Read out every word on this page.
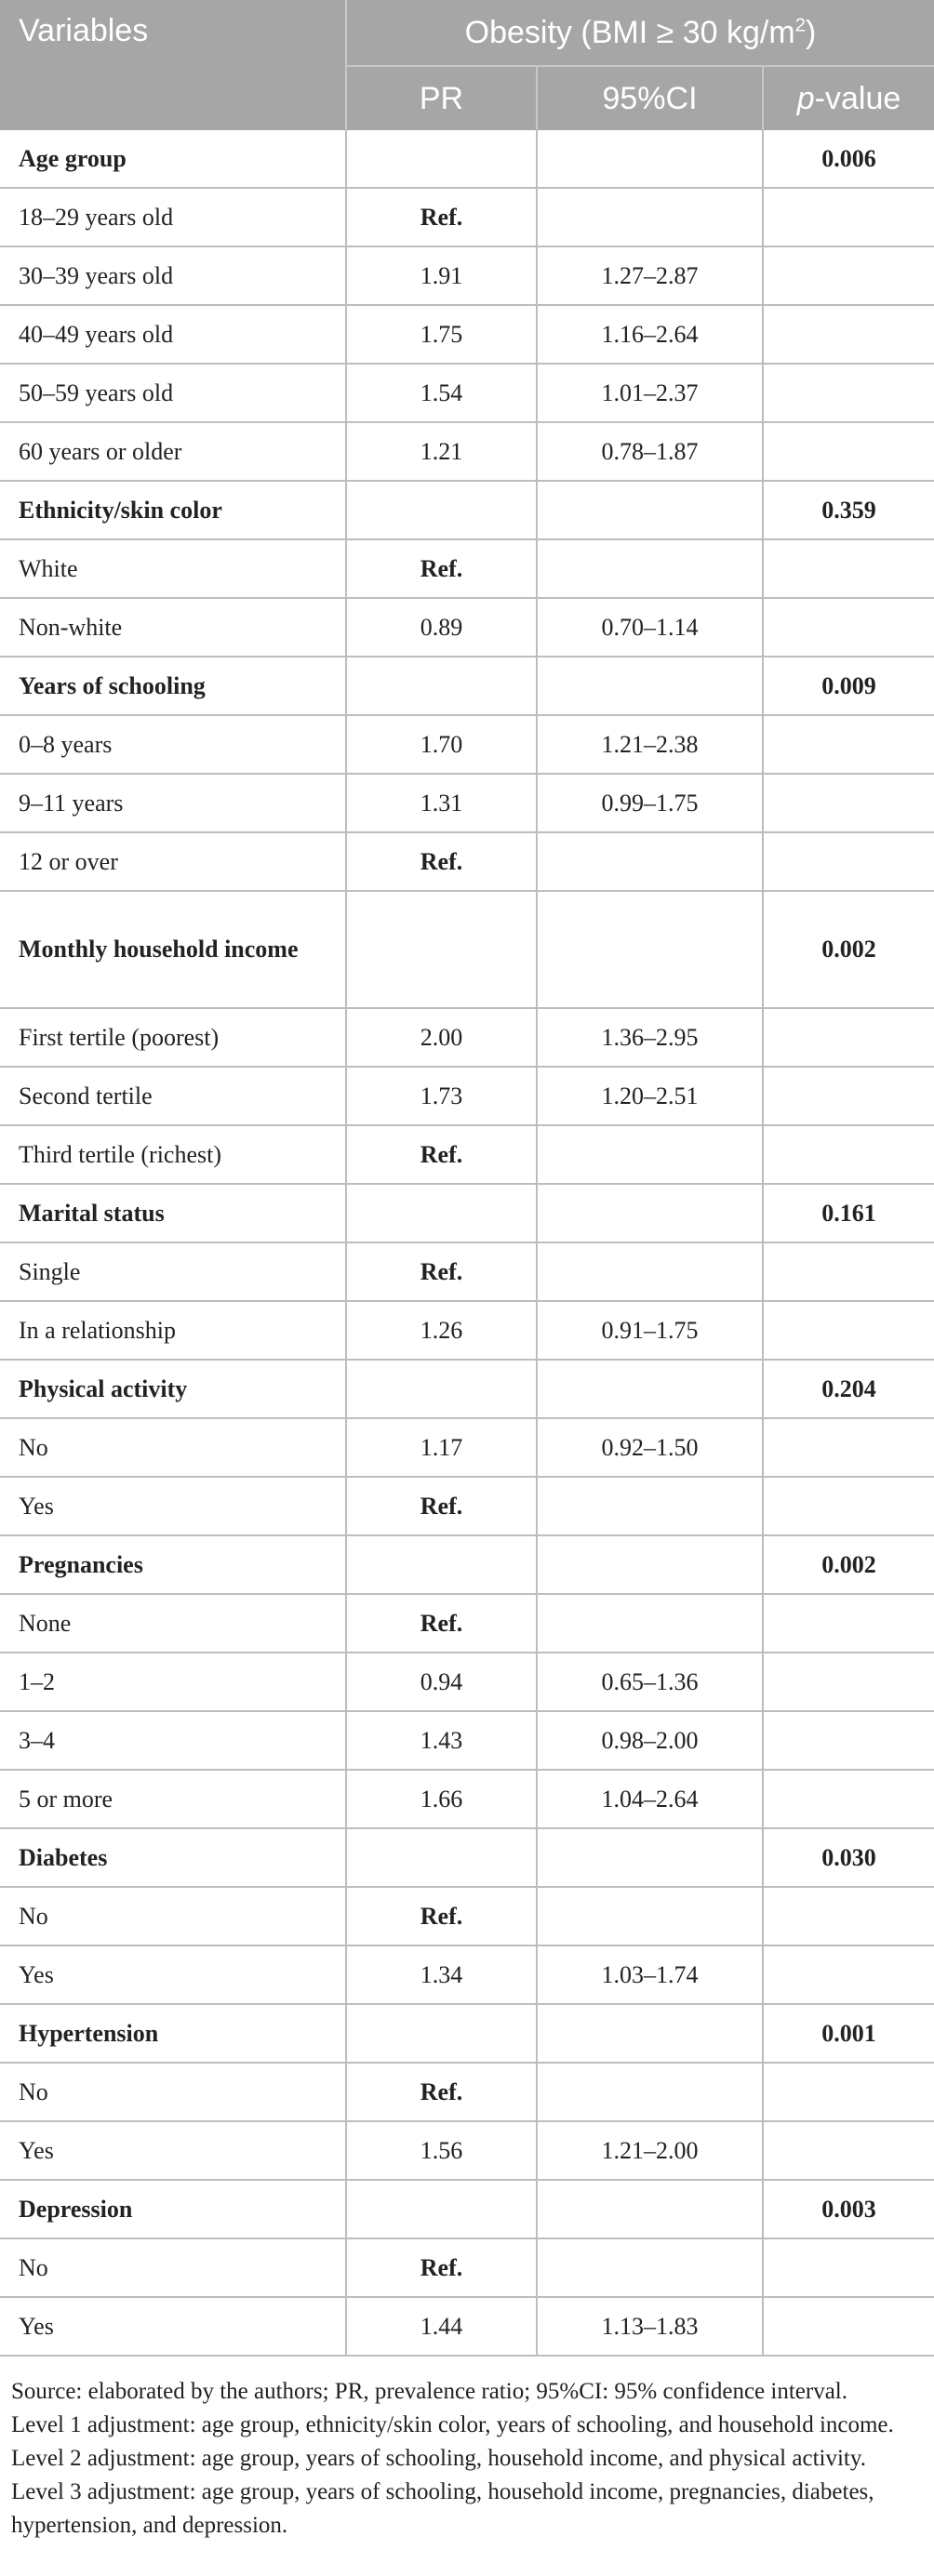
Variables	Obesity (BMI ≥ 30 $kg/m^2$)		
	PR	95%CI	p-value
Age group			0.006
18–29 years old	Ref.		
30–39 years old	1.91	1.27–2.87	
40–49 years old	1.75	1.16–2.64	
50–59 years old	1.54	1.01–2.37	
60 years or older	1.21	0.78–1.87	
Ethnicity/skin color			0.359
White	Ref.		
Non-white	0.89	0.70–1.14	
Years of schooling			0.009
0–8 years	1.70	1.21–2.38	
9–11 years	1.31	0.99–1.75	
12 or over	Ref.		
Monthly household income			0.002
First tertile (poorest)	2.00	1.36–2.95	
Second tertile	1.73	1.20–2.51	
Third tertile (richest)	Ref.		
Marital status			0.161
Single	Ref.		
In a relationship	1.26	0.91–1.75	
Physical activity			0.204
No	1.17	0.92–1.50	
Yes	Ref.		
Pregnancies			0.002
None	Ref.		
1–2	0.94	0.65–1.36	
3–4	1.43	0.98–2.00	
5 or more	1.66	1.04–2.64	
Diabetes			0.030
No	Ref.		
Yes	1.34	1.03–1.74	
Hypertension			0.001
No	Ref.		
Yes	1.56	1.21–2.00	
Depression			0.003
No	Ref.		
Yes	1.44	1.13–1.83	

Source: elaborated by the authors; PR, prevalence ratio; 95%CI: 95% confidence interval.

Level 1 adjustment: age group, ethnicity/skin color, years of schooling, and household income.

Level 2 adjustment: age group, years of schooling, household income, and physical activity.

Level 3 adjustment: age group, years of schooling, household income, pregnancies, diabetes, hypertension, and depression.
